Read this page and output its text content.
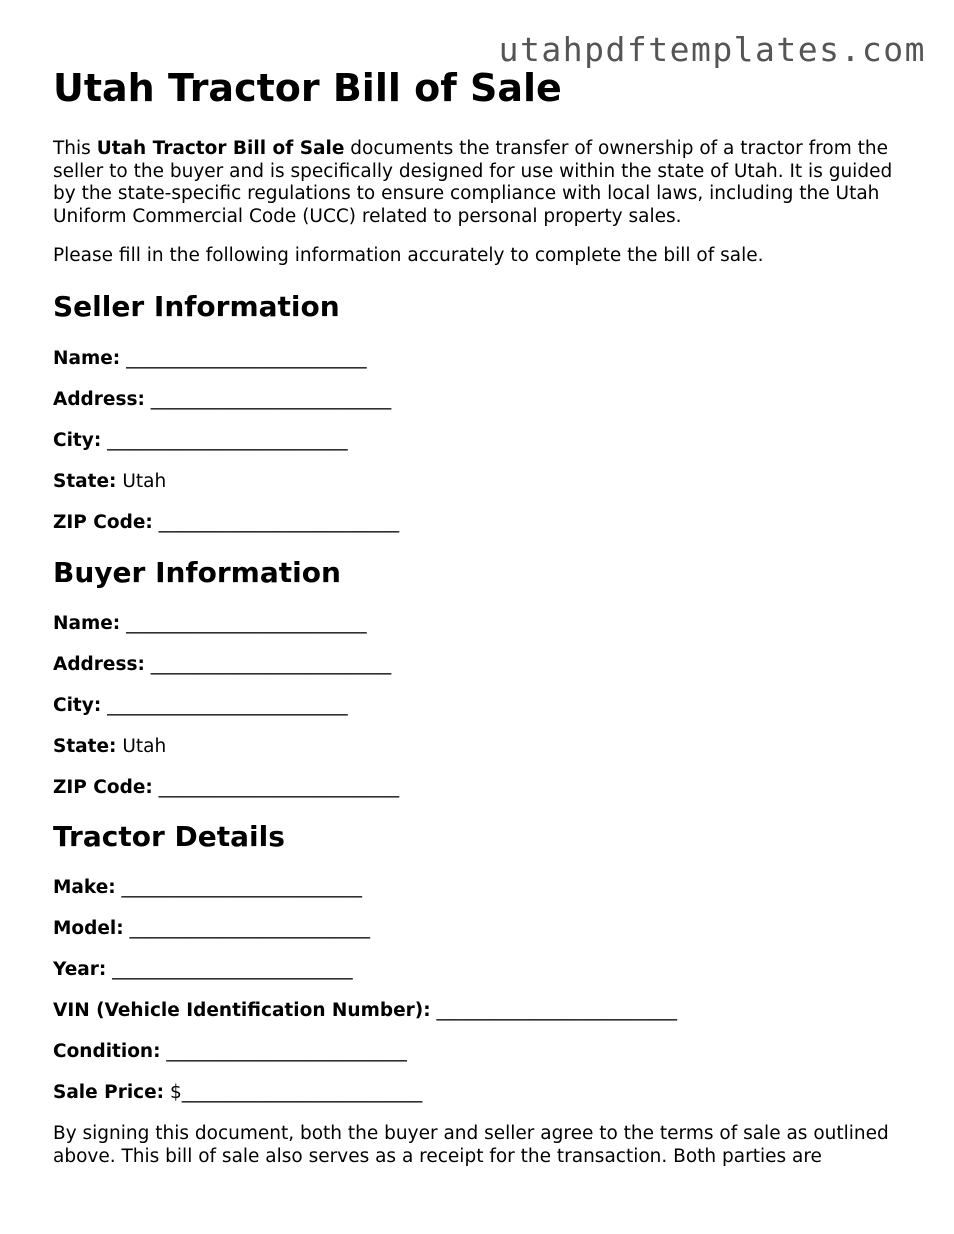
utahpdftemplates.com
Utah Tractor Bill of Sale

This Utah Tractor Bill of Sale documents the transfer of ownership of a tractor from the seller to the buyer and is specifically designed for use within the state of Utah. It is guided by the state-specific regulations to ensure compliance with local laws, including the Utah Uniform Commercial Code (UCC) related to personal property sales.

Please fill in the following information accurately to complete the bill of sale.

Seller Information

Name: __________________________

Address: __________________________

City: __________________________

State: Utah

ZIP Code: __________________________

Buyer Information

Name: __________________________

Address: __________________________

City: __________________________

State: Utah

ZIP Code: __________________________

Tractor Details

Make: __________________________

Model: __________________________

Year: __________________________

VIN (Vehicle Identification Number): __________________________

Condition: __________________________

Sale Price: $__________________________

By signing this document, both the buyer and seller agree to the terms of sale as outlined above. This bill of sale also serves as a receipt for the transaction. Both parties are
